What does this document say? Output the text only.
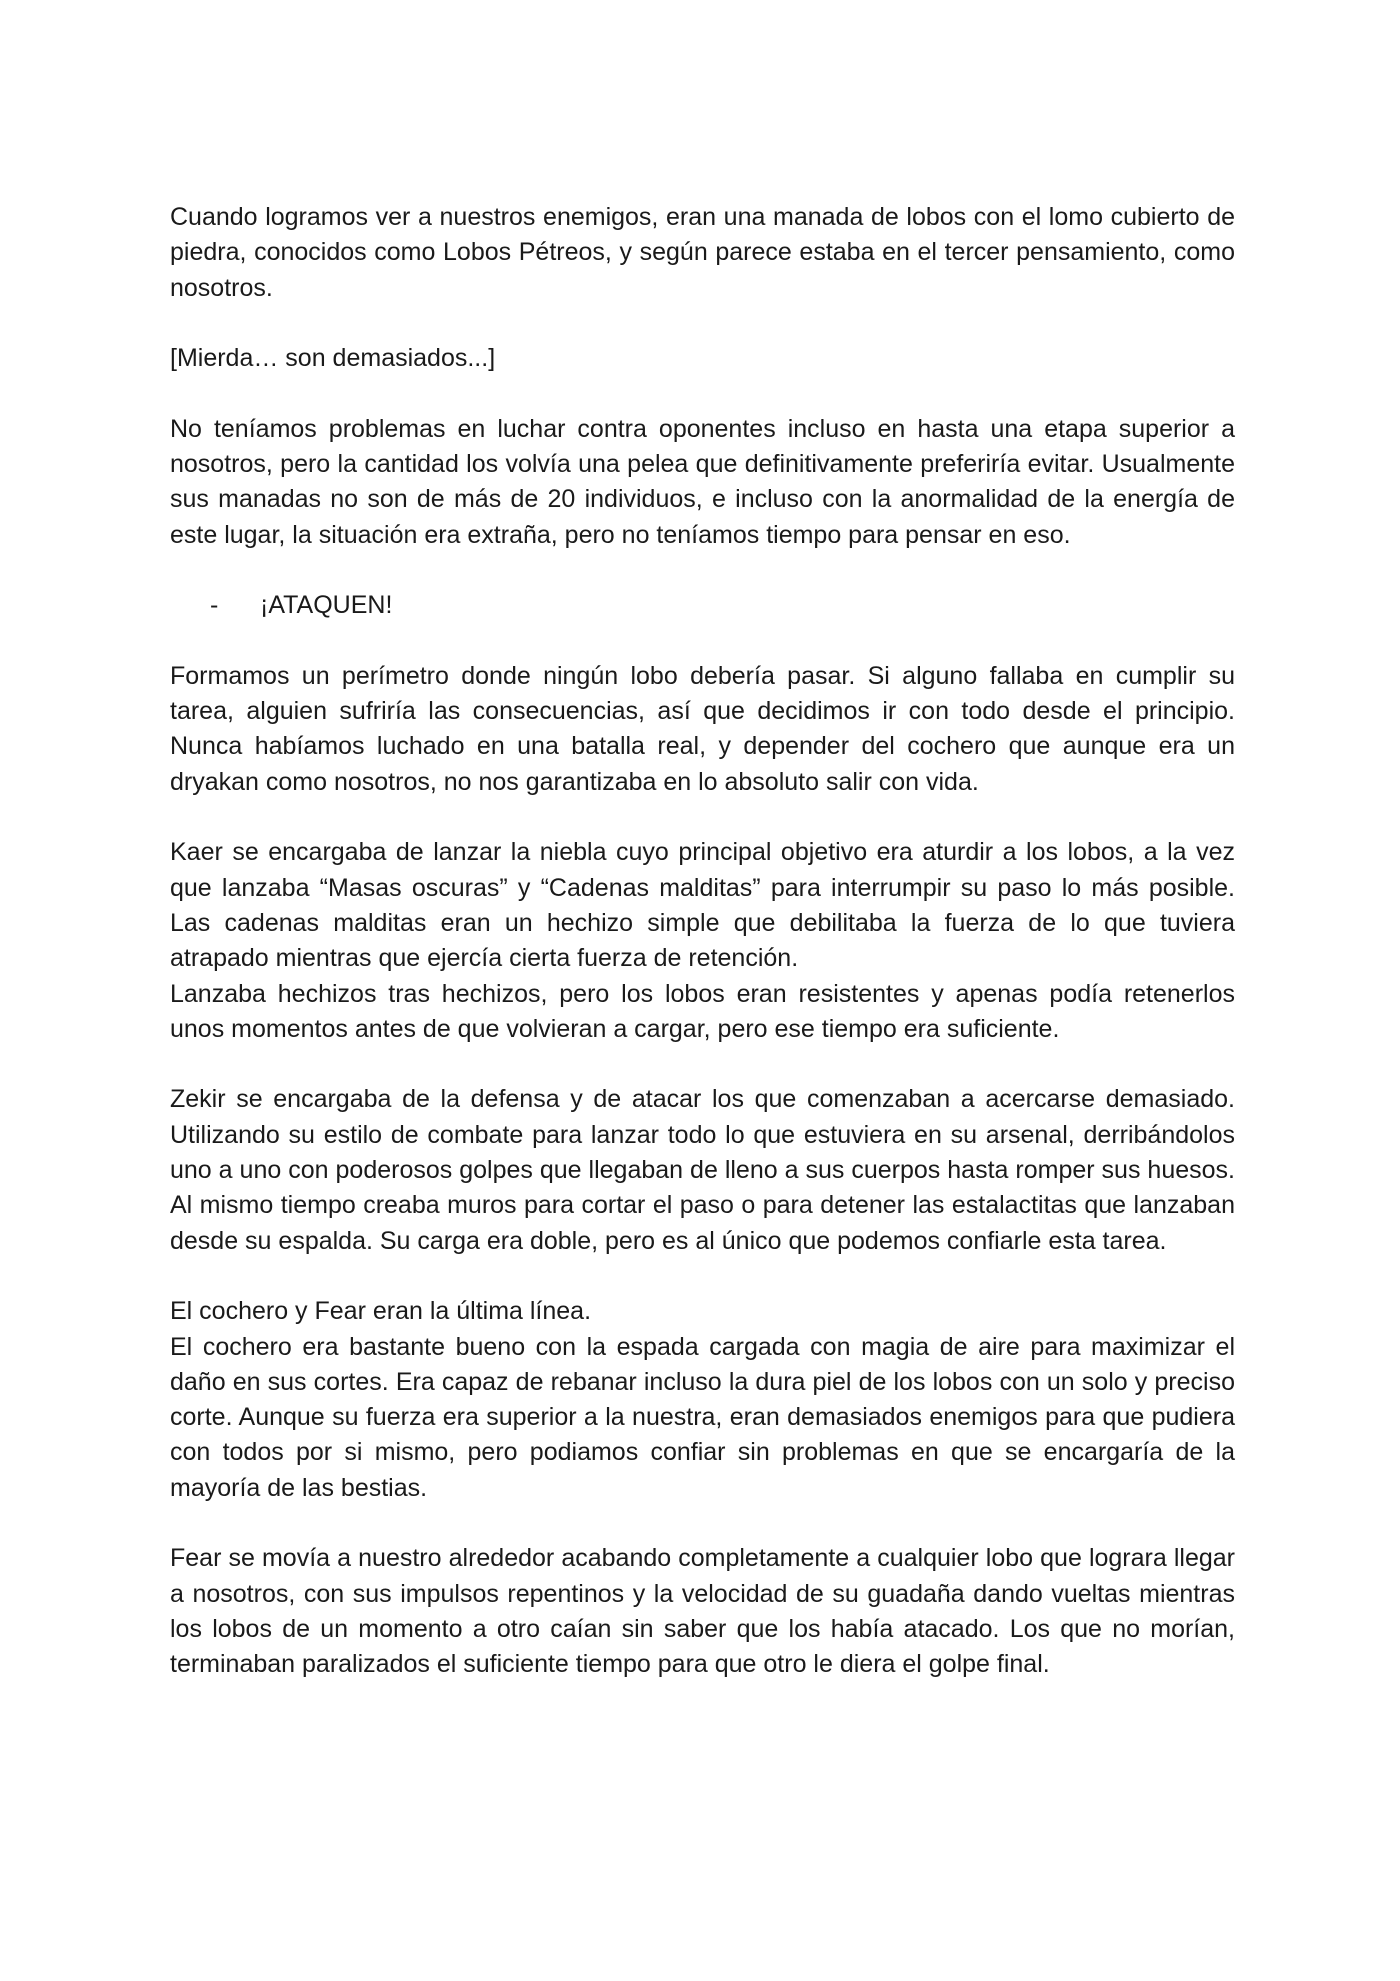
Cuando logramos ver a nuestros enemigos, eran una manada de lobos con el lomo cubierto de piedra, conocidos como Lobos Pétreos, y según parece estaba en el tercer pensamiento, como nosotros.

[Mierda… son demasiados...]

No teníamos problemas en luchar contra oponentes incluso en hasta una etapa superior a nosotros, pero la cantidad los volvía una pelea que definitivamente preferiría evitar. Usualmente sus manadas no son de más de 20 individuos, e incluso con la anormalidad de la energía de este lugar, la situación era extraña, pero no teníamos tiempo para pensar en eso.

-	¡ATAQUEN!

Formamos un perímetro donde ningún lobo debería pasar. Si alguno fallaba en cumplir su tarea, alguien sufriría las consecuencias, así que decidimos ir con todo desde el principio. Nunca habíamos luchado en una batalla real, y depender del cochero que aunque era un dryakan como nosotros, no nos garantizaba en lo absoluto salir con vida.

Kaer se encargaba de lanzar la niebla cuyo principal objetivo era aturdir a los lobos, a la vez que lanzaba “Masas oscuras” y “Cadenas malditas” para interrumpir su paso lo más posible. Las cadenas malditas eran un hechizo simple que debilitaba la fuerza de lo que tuviera atrapado mientras que ejercía cierta fuerza de retención.

Lanzaba hechizos tras hechizos, pero los lobos eran resistentes y apenas podía retenerlos unos momentos antes de que volvieran a cargar, pero ese tiempo era suficiente.

Zekir se encargaba de la defensa y de atacar los que comenzaban a acercarse demasiado. Utilizando su estilo de combate para lanzar todo lo que estuviera en su arsenal, derribándolos uno a uno con poderosos golpes que llegaban de lleno a sus cuerpos hasta romper sus huesos. Al mismo tiempo creaba muros para cortar el paso o para detener las estalactitas que lanzaban desde su espalda. Su carga era doble, pero es al único que podemos confiarle esta tarea.

El cochero y Fear eran la última línea.

El cochero era bastante bueno con la espada cargada con magia de aire para maximizar el daño en sus cortes. Era capaz de rebanar incluso la dura piel de los lobos con un solo y preciso corte. Aunque su fuerza era superior a la nuestra, eran demasiados enemigos para que pudiera con todos por si mismo, pero podiamos confiar sin problemas en que se encargaría de la mayoría de las bestias.

Fear se movía a nuestro alrededor acabando completamente a cualquier lobo que lograra llegar a nosotros, con sus impulsos repentinos y la velocidad de su guadaña dando vueltas mientras los lobos de un momento a otro caían sin saber que los había atacado. Los que no morían, terminaban paralizados el suficiente tiempo para que otro le diera el golpe final.
